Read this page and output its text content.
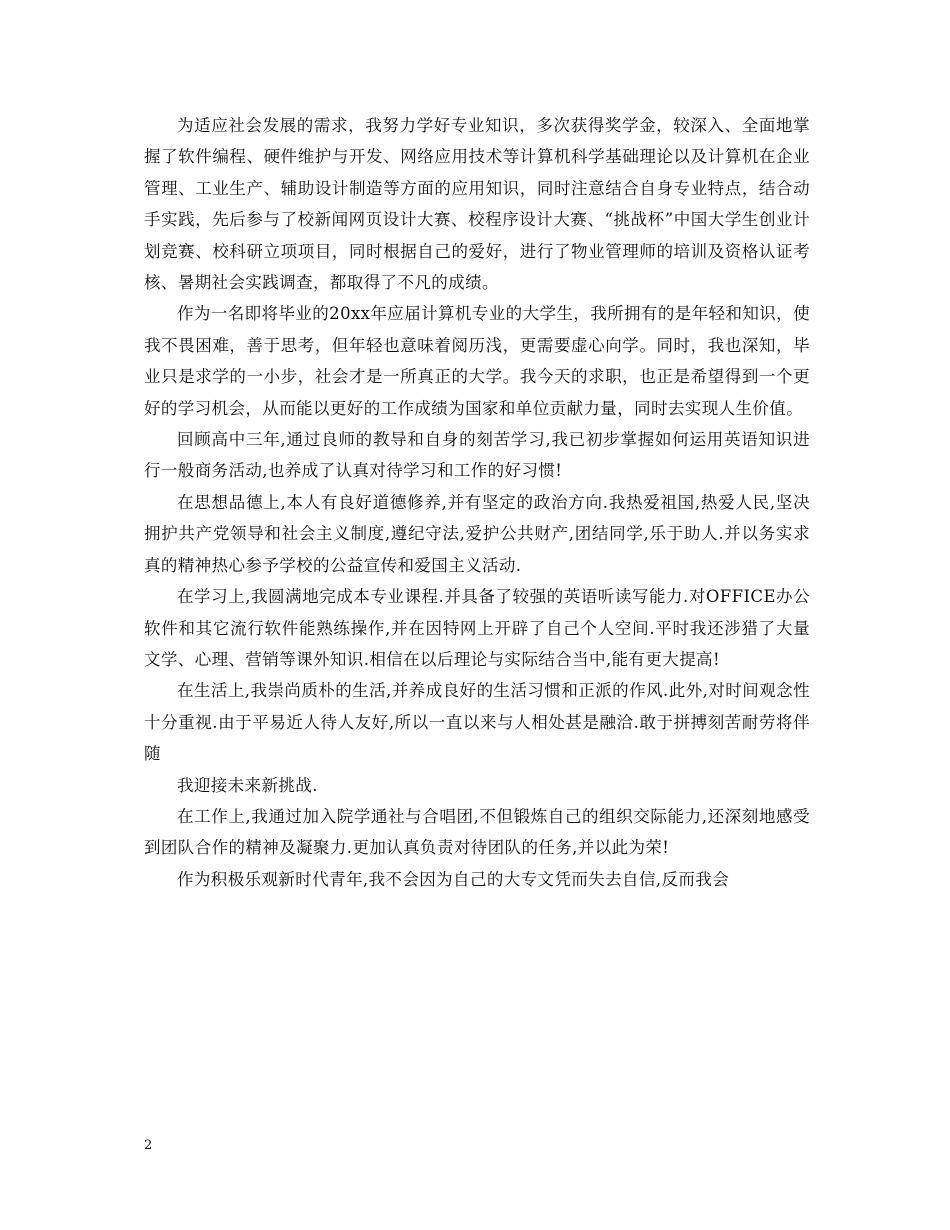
为适应社会发展的需求，我努力学好专业知识，多次获得奖学金，较深入、全面地掌握了软件编程、硬件维护与开发、网络应用技术等计算机科学基础理论以及计算机在企业管理、工业生产、辅助设计制造等方面的应用知识，同时注意结合自身专业特点，结合动手实践，先后参与了校新闻网页设计大赛、校程序设计大赛、“挑战杯”中国大学生创业计划竞赛、校科研立项项目，同时根据自己的爱好，进行了物业管理师的培训及资格认证考核、暑期社会实践调查，都取得了不凡的成绩。

作为一名即将毕业的20xx年应届计算机专业的大学生，我所拥有的是年轻和知识，使我不畏困难，善于思考，但年轻也意味着阅历浅，更需要虚心向学。同时，我也深知，毕业只是求学的一小步，社会才是一所真正的大学。我今天的求职，也正是希望得到一个更好的学习机会，从而能以更好的工作成绩为国家和单位贡献力量，同时去实现人生价值。

回顾高中三年,通过良师的教导和自身的刻苦学习,我已初步掌握如何运用英语知识进行一般商务活动,也养成了认真对待学习和工作的好习惯!

在思想品德上,本人有良好道德修养,并有坚定的政治方向.我热爱祖国,热爱人民,坚决拥护共产党领导和社会主义制度,遵纪守法,爱护公共财产,团结同学,乐于助人.并以务实求真的精神热心参予学校的公益宣传和爱国主义活动.

在学习上,我圆满地完成本专业课程.并具备了较强的英语听读写能力.对OFFICE办公软件和其它流行软件能熟练操作,并在因特网上开辟了自己个人空间.平时我还涉猎了大量文学、心理、营销等课外知识.相信在以后理论与实际结合当中,能有更大提高!

在生活上,我崇尚质朴的生活,并养成良好的生活习惯和正派的作风.此外,对时间观念性十分重视.由于平易近人待人友好,所以一直以来与人相处甚是融洽.敢于拼搏刻苦耐劳将伴随

我迎接未来新挑战.

在工作上,我通过加入院学通社与合唱团,不但锻炼自己的组织交际能力,还深刻地感受到团队合作的精神及凝聚力.更加认真负责对待团队的任务,并以此为荣!

作为积极乐观新时代青年,我不会因为自己的大专文凭而失去自信,反而我会

2
